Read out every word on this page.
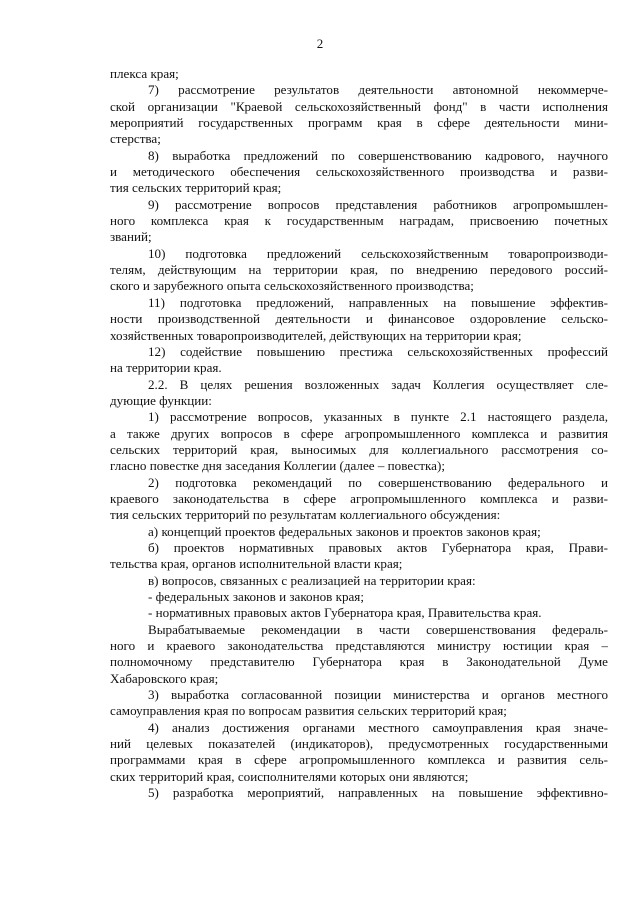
2
плекса края;
7) рассмотрение результатов деятельности автономной некоммерче-
ской организации "Краевой сельскохозяйственный фонд" в части исполнения
мероприятий государственных программ края в сфере деятельности мини-
стерства;
8) выработка предложений по совершенствованию кадрового, научного
и методического обеспечения сельскохозяйственного производства и разви-
тия сельских территорий края;
9) рассмотрение вопросов представления работников агропромышлен-
ного комплекса края к государственным наградам, присвоению почетных
званий;
10) подготовка предложений сельскохозяйственным товаропроизводи-
телям, действующим на территории края, по внедрению передового россий-
ского и зарубежного опыта сельскохозяйственного производства;
11) подготовка предложений, направленных на повышение эффектив-
ности производственной деятельности и финансовое оздоровление сельско-
хозяйственных товаропроизводителей, действующих на территории края;
12) содействие повышению престижа сельскохозяйственных профессий
на территории края.
2.2. В целях решения возложенных задач Коллегия осуществляет сле-
дующие функции:
1) рассмотрение вопросов, указанных в пункте 2.1 настоящего раздела,
а также других вопросов в сфере агропромышленного комплекса и развития
сельских территорий края, выносимых для коллегиального рассмотрения со-
гласно повестке дня заседания Коллегии (далее – повестка);
2) подготовка рекомендаций по совершенствованию федерального и
краевого законодательства в сфере агропромышленного комплекса и разви-
тия сельских территорий по результатам коллегиального обсуждения:
а) концепций проектов федеральных законов и проектов законов края;
б) проектов нормативных правовых актов Губернатора края, Прави-
тельства края, органов исполнительной власти края;
в) вопросов, связанных с реализацией на территории края:
- федеральных законов и законов края;
- нормативных правовых актов Губернатора края, Правительства края.
Вырабатываемые рекомендации в части совершенствования федераль-
ного и краевого законодательства представляются министру юстиции края –
полномочному представителю Губернатора края в Законодательной Думе
Хабаровского края;
3) выработка согласованной позиции министерства и органов местного
самоуправления края по вопросам развития сельских территорий края;
4) анализ достижения органами местного самоуправления края значе-
ний целевых показателей (индикаторов), предусмотренных государственными
программами края в сфере агропромышленного комплекса и развития сель-
ских территорий края, соисполнителями которых они являются;
5) разработка мероприятий, направленных на повышение эффективно-
